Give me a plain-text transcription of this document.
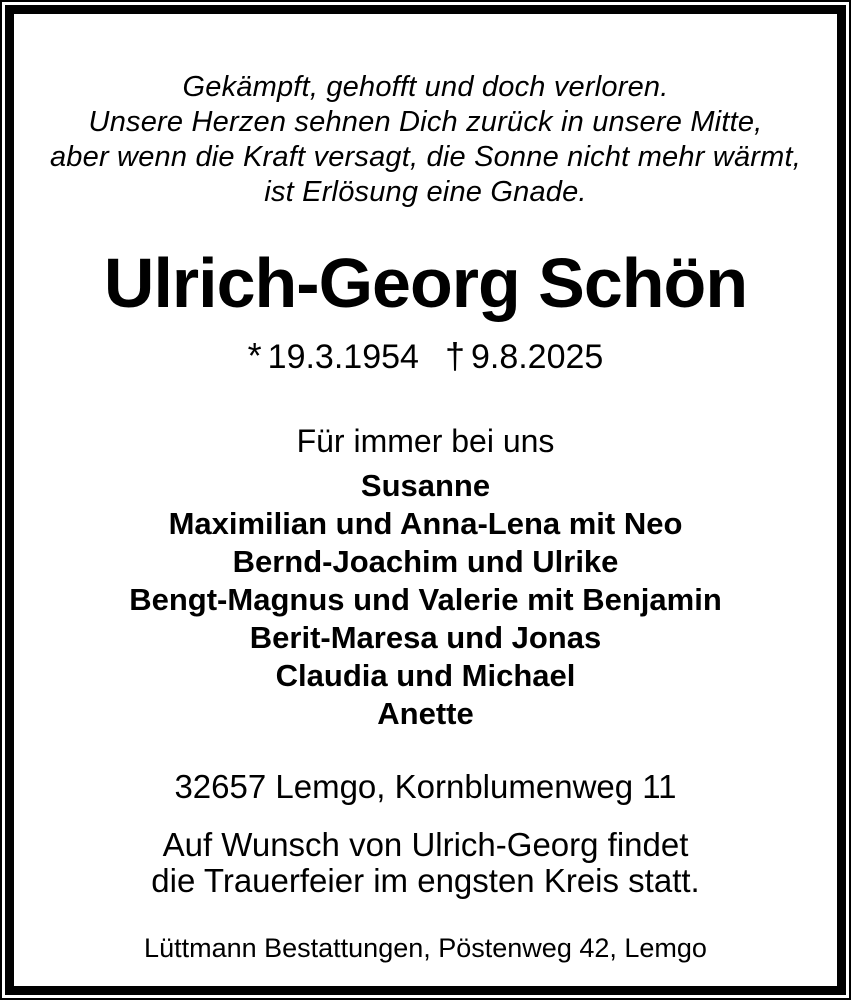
Gekämpft, gehofft und doch verloren.
Unsere Herzen sehnen Dich zurück in unsere Mitte,
aber wenn die Kraft versagt, die Sonne nicht mehr wärmt,
ist Erlösung eine Gnade.
Ulrich-Georg Schön
* 19.3.1954 † 9.8.2025
Für immer bei uns
Susanne
Maximilian und Anna-Lena mit Neo
Bernd-Joachim und Ulrike
Bengt-Magnus und Valerie mit Benjamin
Berit-Maresa und Jonas
Claudia und Michael
Anette
32657 Lemgo, Kornblumenweg 11
Auf Wunsch von Ulrich-Georg findet
die Trauerfeier im engsten Kreis statt.
Lüttmann Bestattungen, Pöstenweg 42, Lemgo
